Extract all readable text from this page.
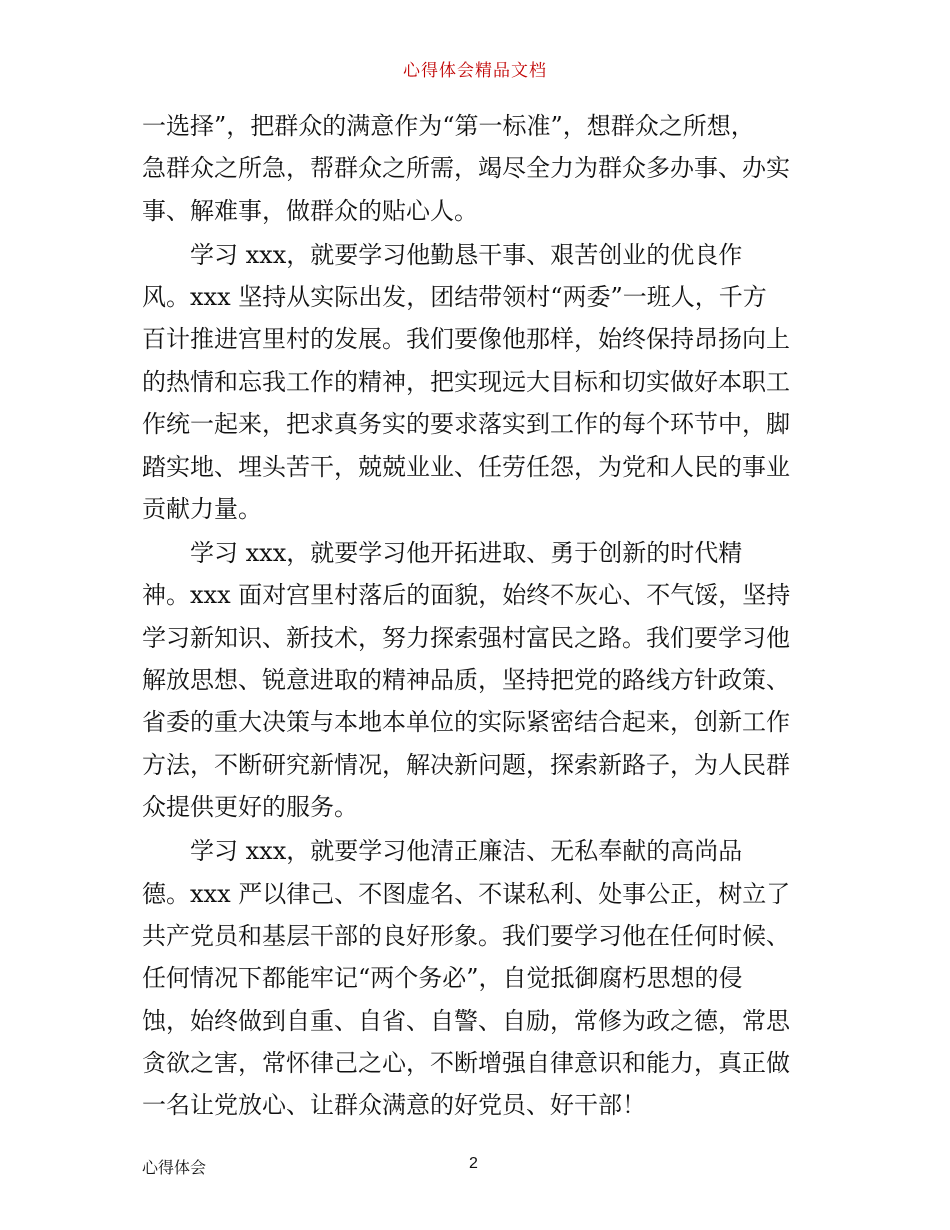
心得体会精品文档
一选择”，把群众的满意作为“第一标准”，想群众之所想，
急群众之所急，帮群众之所需，竭尽全力为群众多办事、办实
事、解难事，做群众的贴心人。
　　学习 xxx，就要学习他勤恳干事、艰苦创业的优良作
风。xxx 坚持从实际出发，团结带领村“两委”一班人，千方
百计推进宫里村的发展。我们要像他那样，始终保持昂扬向上
的热情和忘我工作的精神，把实现远大目标和切实做好本职工
作统一起来，把求真务实的要求落实到工作的每个环节中，脚
踏实地、埋头苦干，兢兢业业、任劳任怨，为党和人民的事业
贡献力量。
　　学习 xxx，就要学习他开拓进取、勇于创新的时代精
神。xxx 面对宫里村落后的面貌，始终不灰心、不气馁，坚持
学习新知识、新技术，努力探索强村富民之路。我们要学习他
解放思想、锐意进取的精神品质，坚持把党的路线方针政策、
省委的重大决策与本地本单位的实际紧密结合起来，创新工作
方法，不断研究新情况，解决新问题，探索新路子，为人民群
众提供更好的服务。
　　学习 xxx，就要学习他清正廉洁、无私奉献的高尚品
德。xxx 严以律己、不图虚名、不谋私利、处事公正，树立了
共产党员和基层干部的良好形象。我们要学习他在任何时候、
任何情况下都能牢记“两个务必”，自觉抵御腐朽思想的侵
蚀，始终做到自重、自省、自警、自励，常修为政之德，常思
贪欲之害，常怀律己之心，不断增强自律意识和能力，真正做
一名让党放心、让群众满意的好党员、好干部！
心得体会	2
